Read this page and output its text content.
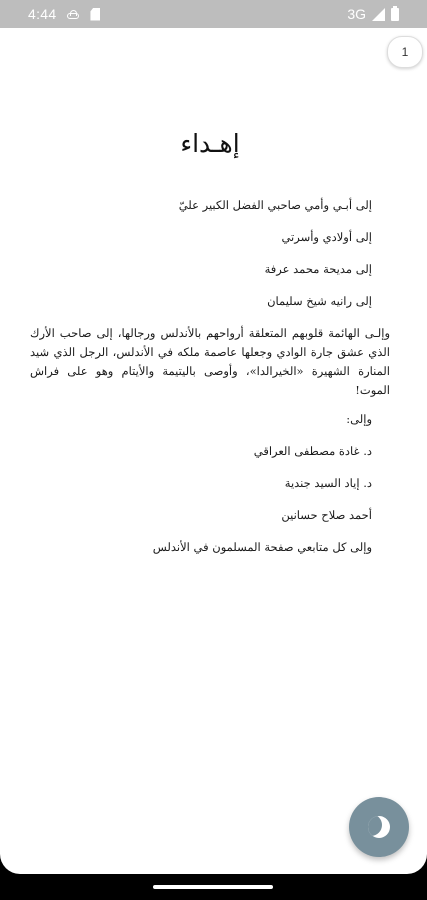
4:44	3G
1
إهـداء

إلى أبـي وأمي صاحبي الفضل الكبير عليّ

إلى أولادي وأسرتي

إلى مديحة محمد عرفة

إلى رانيه شيخ سليمان

وإلـى الهائمة قلوبهم المتعلقة أرواحهم بالأندلس ورجالها، إلى صاحب الأرك الذي عشق جارة الوادي وجعلها عاصمة ملكه في الأندلس، الرجل الذي شيد المنارة الشهيرة «الخيرالدا»، وأوصى باليتيمة والأيتام وهو على فراش الموت!

وإلى:

د. غادة مصطفى العراقي

د. إياد السيد جندية

أحمد صلاح حسانين

وإلى كل متابعي صفحة المسلمون في الأندلس
